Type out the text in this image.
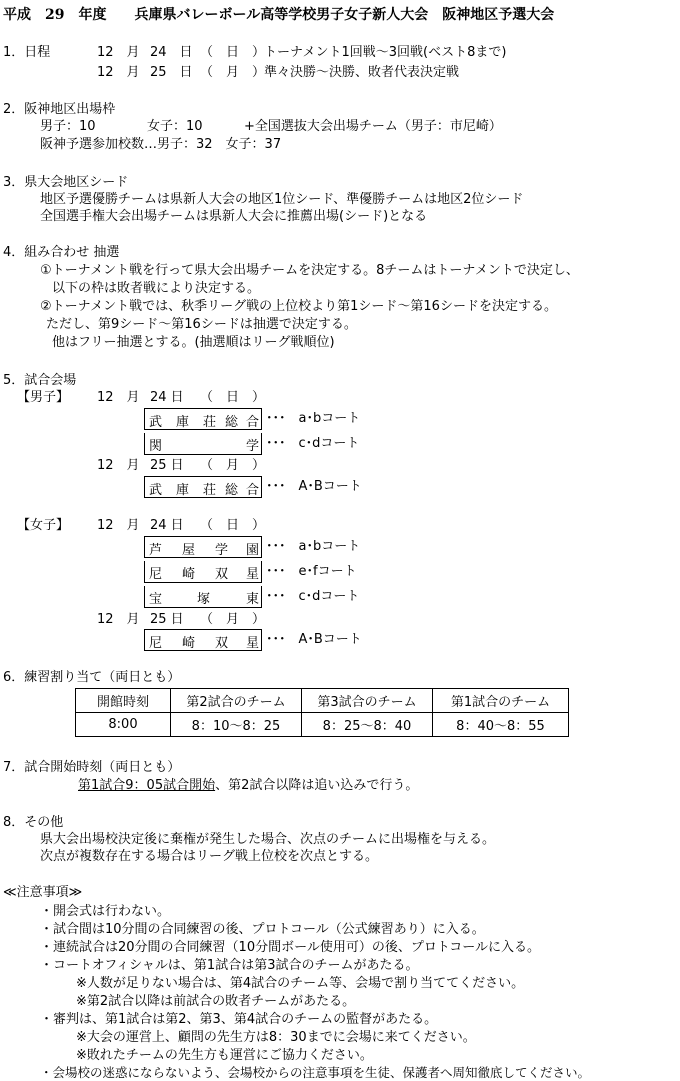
平成　29　年度　　兵庫県バレーボール高等学校男子女子新人大会　阪神地区予選大会
1．日程	12　月 24　日 （　日　）
トーナメント1回戦～3回戦(ベスト8まで)
12　月 25　日 （　月　）
準々決勝～決勝、敗者代表決定戦
2．阪神地区出場枠
男子：10	女子：10	+全国選抜大会出場チーム（男子：市尼崎）
阪神予選参加校数…男子：32　女子：37
3．県大会地区シード
地区予選優勝チームは県新人大会の地区1位シード、準優勝チームは地区2位シード
全国選手権大会出場チームは県新人大会に推薦出場(シード)となる
4．組み合わせ 抽選
①トーナメント戦を行って県大会出場チームを決定する。8チームはトーナメントで決定し、
以下の枠は敗者戦により決定する。
②トーナメント戦では、秋季リーグ戦の上位校より第1シード～第16シードを決定する。
ただし、第9シード～第16シードは抽選で決定する。
他はフリー抽選とする。(抽選順はリーグ戦順位)
5．試合会場
【男子】 12　月 24 日 （　日　）
武 庫 荘 総 合 ･･･　a･bコート
関	学 ･･･　c･dコート
12　月 25 日 （　月　）
武 庫 荘 総 合 ･･･　A･Bコート
【女子】 12　月 24 日 （　日　）
芦 屋 学 園 ･･･　a･bコート
尼 崎 双 星 ･･･　e･fコート
宝	塚	東 ･･･　c･dコート
12　月 25 日 （　月　）
尼 崎 双 星 ･･･　A･Bコート
6．練習割り当て（両日とも）
開館時刻	第2試合のチーム	第3試合のチーム	第1試合のチーム
8:00	8：10～8：25	8：25～8：40	8：40～8：55
7．試合開始時刻（両日とも）
第1試合9：05試合開始、第2試合以降は追い込みで行う。
8．その他
県大会出場校決定後に棄権が発生した場合、次点のチームに出場権を与える。
次点が複数存在する場合はリーグ戦上位校を次点とする。
≪注意事項≫
・開会式は行わない。
・試合間は10分間の合同練習の後、プロトコール（公式練習あり）に入る。
・連続試合は20分間の合同練習（10分間ボール使用可）の後、プロトコールに入る。
・コートオフィシャルは、第1試合は第3試合のチームがあたる。
※人数が足りない場合は、第4試合のチーム等、会場で割り当ててください。
※第2試合以降は前試合の敗者チームがあたる。
・審判は、第1試合は第2、第3、第4試合のチームの監督があたる。
※大会の運営上、顧問の先生方は8：30までに会場に来てください。
※敗れたチームの先生方も運営にご協力ください。
・会場校の迷惑にならないよう、会場校からの注意事項を生徒、保護者へ周知徹底してください。
